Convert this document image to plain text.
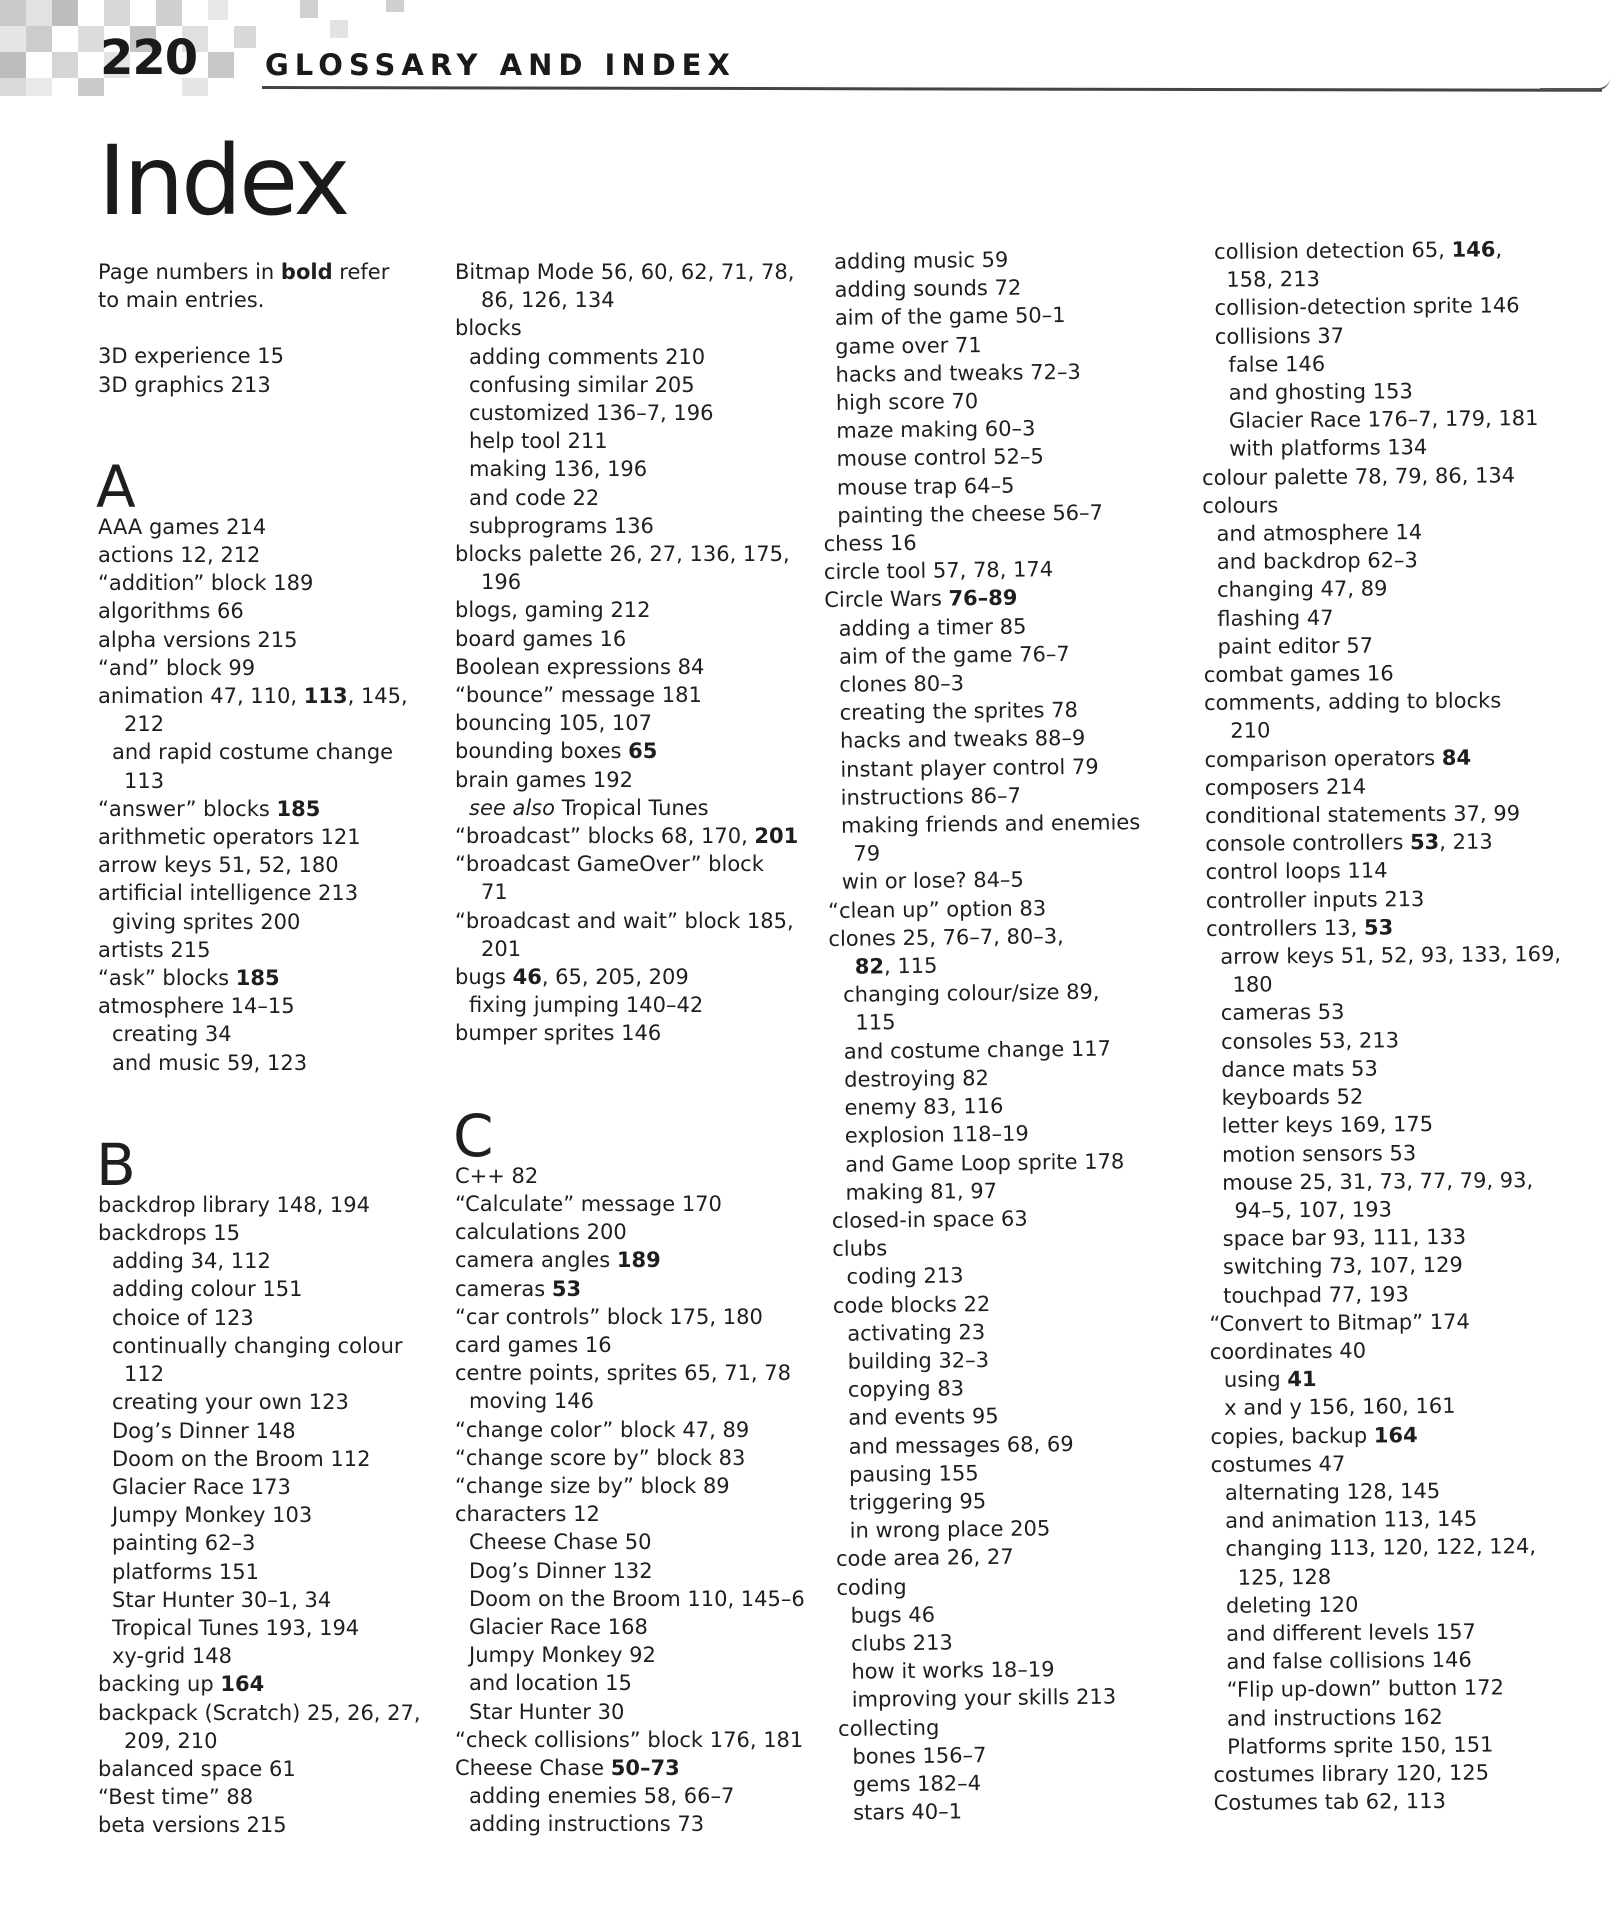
220 GLOSSARY AND INDEX
Index

Page numbers in bold refer

to main entries.

3D experience 15
3D graphics 213
A
AAA games 214
actions 12, 212
“addition” block 189
algorithms 66
alpha versions 215
“and” block 99
animation 47, 110, 113, 145,
212
and rapid costume change
113
“answer” blocks 185
arithmetic operators 121
arrow keys 51, 52, 180
artificial intelligence 213
giving sprites 200
artists 215
“ask” blocks 185
atmosphere 14–15
creating 34
and music 59, 123
B
backdrop library 148, 194
backdrops 15
adding 34, 112
adding colour 151
choice of 123
continually changing colour
112
creating your own 123
Dog’s Dinner 148
Doom on the Broom 112
Glacier Race 173
Jumpy Monkey 103
painting 62–3
platforms 151
Star Hunter 30–1, 34
Tropical Tunes 193, 194
xy-grid 148
backing up 164
backpack (Scratch) 25, 26, 27,
209, 210
balanced space 61
“Best time” 88
beta versions 215
Bitmap Mode 56, 60, 62, 71, 78,
86, 126, 134
blocks
adding comments 210
confusing similar 205
customized 136–7, 196
help tool 211
making 136, 196
and code 22
subprograms 136
blocks palette 26, 27, 136, 175,
196
blogs, gaming 212
board games 16
Boolean expressions 84
“bounce” message 181
bouncing 105, 107
bounding boxes 65
brain games 192
see also Tropical Tunes
“broadcast” blocks 68, 170, 201
“broadcast GameOver” block
71
“broadcast and wait” block 185,
201
bugs 46, 65, 205, 209
fixing jumping 140–42
bumper sprites 146
C
C++ 82
“Calculate” message 170
calculations 200
camera angles 189
cameras 53
“car controls” block 175, 180
card games 16
centre points, sprites 65, 71, 78
moving 146
“change color” block 47, 89
“change score by” block 83
“change size by” block 89
characters 12
Cheese Chase 50
Dog’s Dinner 132
Doom on the Broom 110, 145–6
Glacier Race 168
Jumpy Monkey 92
and location 15
Star Hunter 30
“check collisions” block 176, 181
Cheese Chase 50–73
adding enemies 58, 66–7
adding instructions 73
adding music 59
adding sounds 72
aim of the game 50–1
game over 71
hacks and tweaks 72–3
high score 70
maze making 60–3
mouse control 52–5
mouse trap 64–5
painting the cheese 56–7
chess 16
circle tool 57, 78, 174
Circle Wars 76–89
adding a timer 85
aim of the game 76–7
clones 80–3
creating the sprites 78
hacks and tweaks 88–9
instant player control 79
instructions 86–7
making friends and enemies
79
win or lose? 84–5
“clean up” option 83
clones 25, 76–7, 80–3,
82, 115
changing colour/size 89,
115
and costume change 117
destroying 82
enemy 83, 116
explosion 118–19
and Game Loop sprite 178
making 81, 97
closed-in space 63
clubs
coding 213
code blocks 22
activating 23
building 32–3
copying 83
and events 95
and messages 68, 69
pausing 155
triggering 95
in wrong place 205
code area 26, 27
coding
bugs 46
clubs 213
how it works 18–19
improving your skills 213
collecting
bones 156–7
gems 182–4
stars 40–1
collision detection 65, 146,
158, 213
collision-detection sprite 146
collisions 37
false 146
and ghosting 153
Glacier Race 176–7, 179, 181
with platforms 134
colour palette 78, 79, 86, 134
colours
and atmosphere 14
and backdrop 62–3
changing 47, 89
flashing 47
paint editor 57
combat games 16
comments, adding to blocks
210
comparison operators 84
composers 214
conditional statements 37, 99
console controllers 53, 213
control loops 114
controller inputs 213
controllers 13, 53
arrow keys 51, 52, 93, 133, 169,
180
cameras 53
consoles 53, 213
dance mats 53
keyboards 52
letter keys 169, 175
motion sensors 53
mouse 25, 31, 73, 77, 79, 93,
94–5, 107, 193
space bar 93, 111, 133
switching 73, 107, 129
touchpad 77, 193
“Convert to Bitmap” 174
coordinates 40
using 41
x and y 156, 160, 161
copies, backup 164
costumes 47
alternating 128, 145
and animation 113, 145
changing 113, 120, 122, 124,
125, 128
deleting 120
and different levels 157
and false collisions 146
“Flip up-down” button 172
and instructions 162
Platforms sprite 150, 151
costumes library 120, 125
Costumes tab 62, 113
